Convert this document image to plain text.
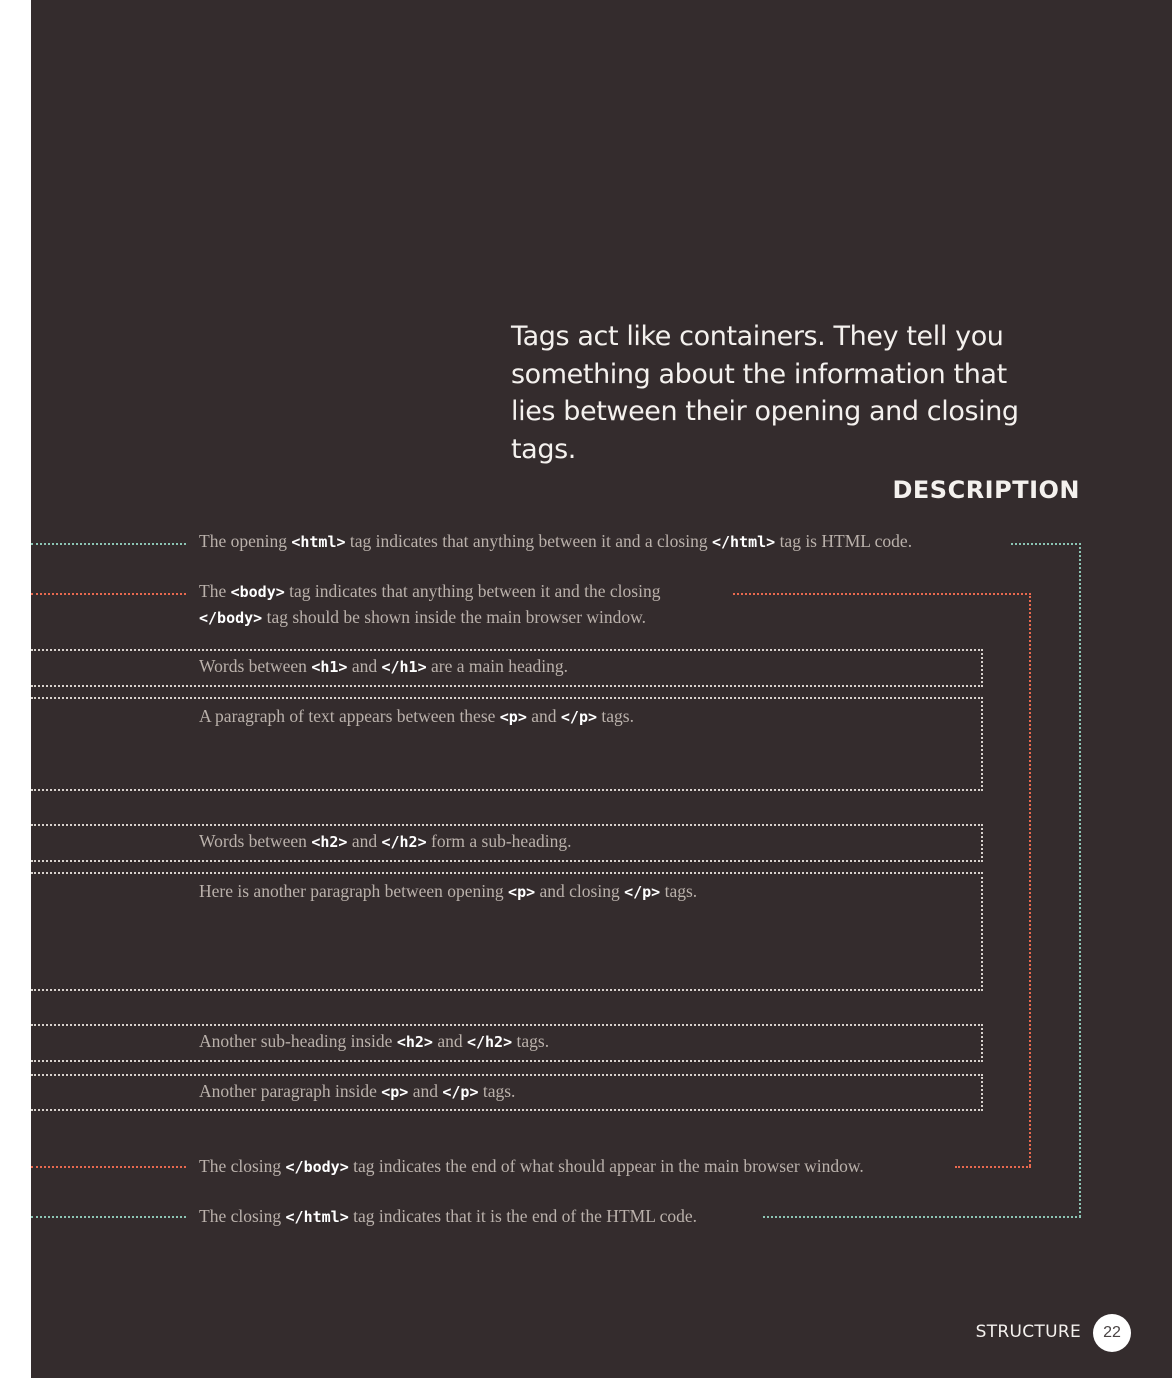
Tags act like containers. They tell you something about the information that lies between their opening and closing tags.

DESCRIPTION
The opening <html> tag indicates that anything between it and a closing </html> tag is HTML code.
The <body> tag indicates that anything between it and the closing
</body> tag should be shown inside the main browser window.
Words between <h1> and </h1> are a main heading.
A paragraph of text appears between these <p> and </p> tags.
Words between <h2> and </h2> form a sub-heading.
Here is another paragraph between opening <p> and closing </p> tags.
Another sub-heading inside <h2> and </h2> tags.
Another paragraph inside <p> and </p> tags.
The closing </body> tag indicates the end of what should appear in the main browser window.
The closing </html> tag indicates that it is the end of the HTML code.
STRUCTURE	22
